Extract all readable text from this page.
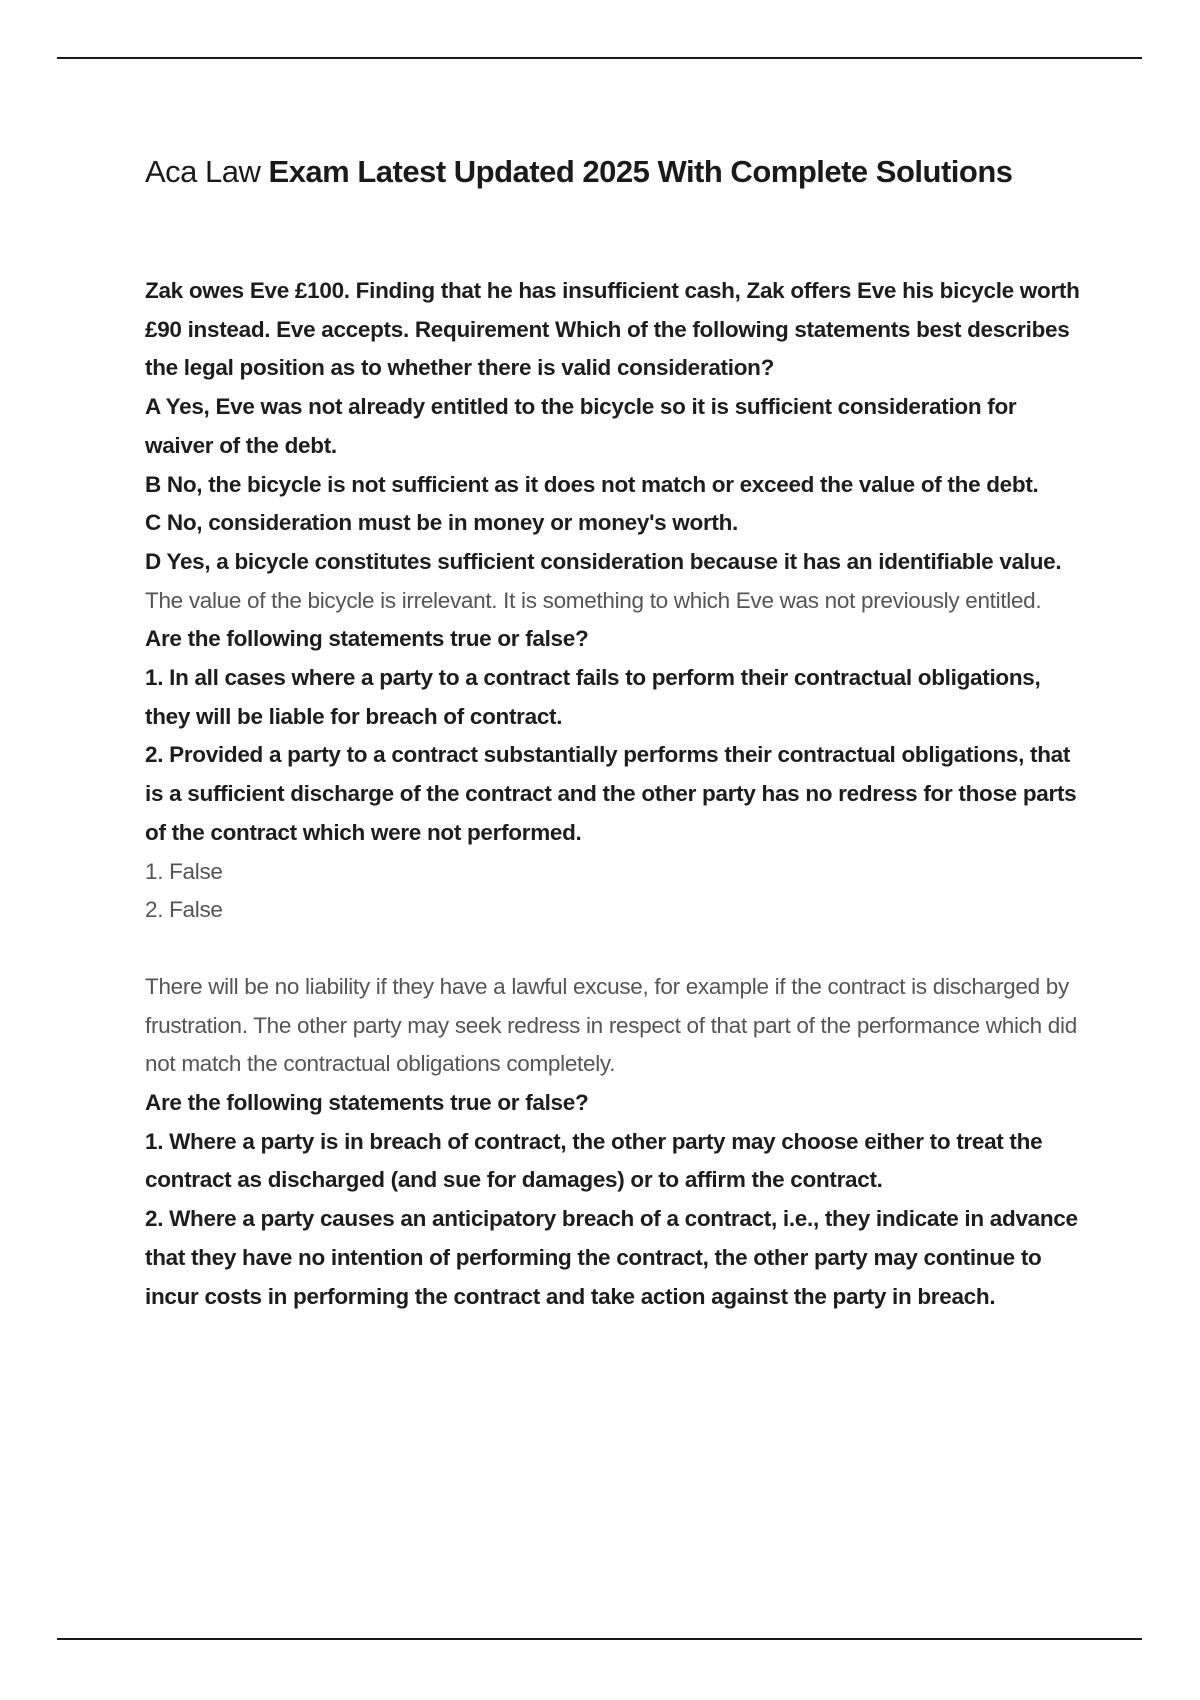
Aca Law Exam Latest Updated 2025 With Complete Solutions

Zak owes Eve £100. Finding that he has insufficient cash, Zak offers Eve his bicycle worth £90 instead. Eve accepts. Requirement Which of the following statements best describes the legal position as to whether there is valid consideration?

A Yes, Eve was not already entitled to the bicycle so it is sufficient consideration for waiver of the debt.

B No, the bicycle is not sufficient as it does not match or exceed the value of the debt.

C No, consideration must be in money or money's worth.

D Yes, a bicycle constitutes sufficient consideration because it has an identifiable value.

The value of the bicycle is irrelevant. It is something to which Eve was not previously entitled.

Are the following statements true or false?

1. In all cases where a party to a contract fails to perform their contractual obligations, they will be liable for breach of contract.

2. Provided a party to a contract substantially performs their contractual obligations, that is a sufficient discharge of the contract and the other party has no redress for those parts of the contract which were not performed.

1. False

2. False

There will be no liability if they have a lawful excuse, for example if the contract is discharged by frustration. The other party may seek redress in respect of that part of the performance which did not match the contractual obligations completely.

Are the following statements true or false?

1. Where a party is in breach of contract, the other party may choose either to treat the contract as discharged (and sue for damages) or to affirm the contract.

2. Where a party causes an anticipatory breach of a contract, i.e., they indicate in advance that they have no intention of performing the contract, the other party may continue to incur costs in performing the contract and take action against the party in breach.
